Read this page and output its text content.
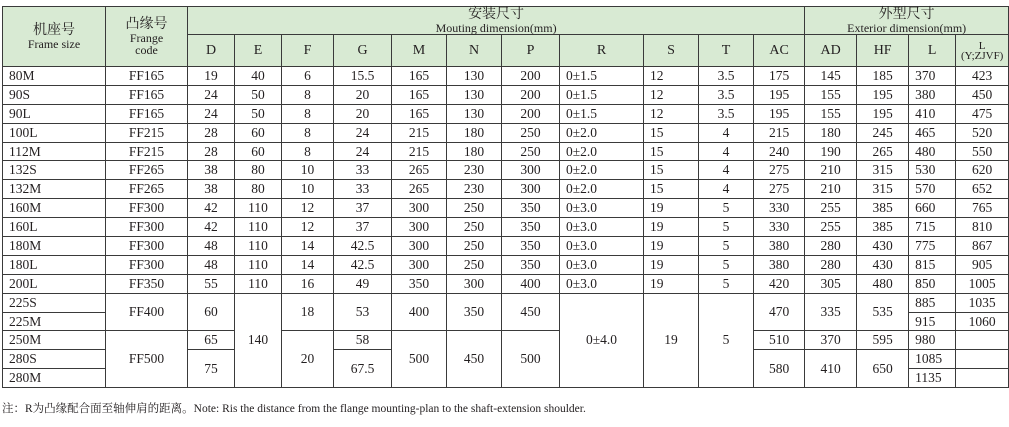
机座号
Frame size	凸缘号
Frange
code	安装尺寸
Mouting dimension(mm)											外型尺寸
Exterior dimension(mm)			

		D	E	F	G	M	N	P	R	S	T	AC	AD	HF	L	L
(Y;ZJVF)

80M	FF165	19	40	6	15.5	165	130	200	0±1.5	12	3.5	175	145	185	370	423
90S	FF165	24	50	8	20	165	130	200	0±1.5	12	3.5	195	155	195	380	450
90L	FF165	24	50	8	20	165	130	200	0±1.5	12	3.5	195	155	195	410	475
100L	FF215	28	60	8	24	215	180	250	0±2.0	15	4	215	180	245	465	520
112M	FF215	28	60	8	24	215	180	250	0±2.0	15	4	240	190	265	480	550
132S	FF265	38	80	10	33	265	230	300	0±2.0	15	4	275	210	315	530	620
132M	FF265	38	80	10	33	265	230	300	0±2.0	15	4	275	210	315	570	652
160M	FF300	42	110	12	37	300	250	350	0±3.0	19	5	330	255	385	660	765
160L	FF300	42	110	12	37	300	250	350	0±3.0	19	5	330	255	385	715	810
180M	FF300	48	110	14	42.5	300	250	350	0±3.0	19	5	380	280	430	775	867
180L	FF300	48	110	14	42.5	300	250	350	0±3.0	19	5	380	280	430	815	905
200L	FF350	55	110	16	49	350	300	400	0±3.0	19	5	420	305	480	850	1005
225S	FF400	60	140	18	53	400	350	450	0±4.0	19	5	470	335	535	885	1035
225M															915	1060
250M	FF500	65		20	58	500	450	500				510	370	595	980	
280S		75			67.5							580	410	650	1085	
280M															1135	
注：R为凸缘配合面至轴伸肩的距离。Note: Ris the distance from the flange mounting-plan to the shaft-extension shoulder.
